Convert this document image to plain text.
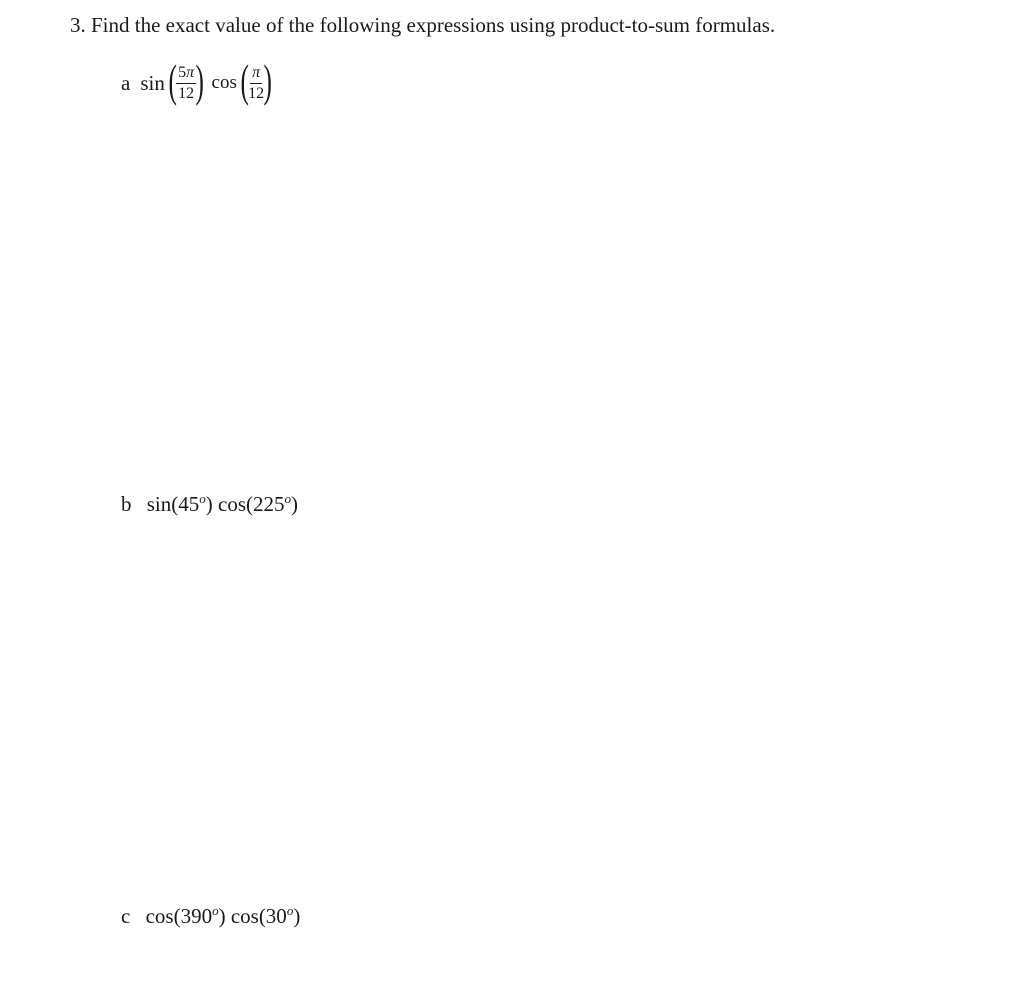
3. Find the exact value of the following expressions using product-to-sum formulas.
a sin ( $\frac{5\pi}{12}$ ) cos ( $\frac{\pi}{12}$ )
b sin(45$^o$) cos(225$^o$)
c cos(390$^o$) cos(30$^o$)
